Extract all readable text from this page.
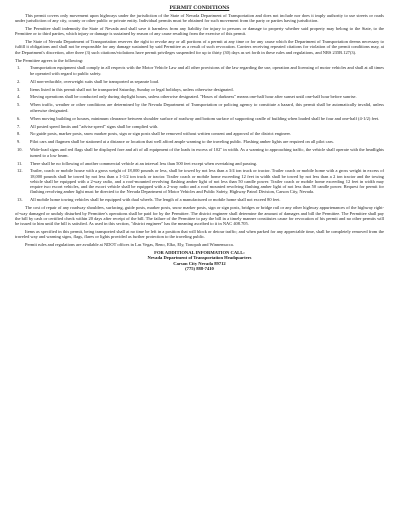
PERMIT CONDITIONS

This permit covers only movement upon highways under the jurisdiction of the State of Nevada Department of Transportation and does not include nor does it imply authority to use streets or roads under jurisdiction of any city, county or other public or private entity. Individual permits must be obtained for such movement from the party or parties having jurisdiction.

The Permittee shall indemnify the State of Nevada and shall save it harmless from any liability for injury to persons or damage to property whether said property may belong to the State, to the Permittee or to third parties, which injury or damage is sustained by reason of any cause resulting from the exercise of this permit.

The State of Nevada Department of Transportation reserves the right to revoke any or all portions of a permit at any time or for any cause which the Department of Transportation deems necessary to fulfill it obligations and shall not be responsible for any damage sustained by said Permittee as a result of such revocation. Carriers receiving repeated citations for violation of the permit conditions may, at the Department's discretion, after three (3) such citations/violations have permit privileges suspended for up to thirty (30) days as set forth in these rules and regulations, and NRS 235B.127(3).

The Permittee agrees to the following:

1. Transportation equipment shall comply in all respects with the Motor Vehicle Law and all other provisions of the law regarding the use, operation and licensing of motor vehicles and shall at all times be operated with regard to public safety.
2. All non-reducible, overweight suits shall be transported as separate load.
3. Items listed in this permit shall not be transported Saturday, Sunday or legal holidays, unless otherwise designated.
4. Moving operations shall be conducted only during daylight hours, unless otherwise designated. "Hours of darkness" means one-half hour after sunset until one-half hour before sunrise.
5. When traffic, weather or other conditions are determined by the Nevada Department of Transportation or policing agency to constitute a hazard, this permit shall be automatically invalid, unless otherwise designated.
6. When moving building or houses, minimum clearance between shoulder surface of roadway and bottom surface of supporting cradle of building when loaded shall be four and one-half (4-1/2) feet.
7. All posted speed limits and "advise speed" signs shall be complied with.
8. No guide posts, marker posts, snow marker posts, sign or sign posts shall be removed without written consent and approval of the district engineer.
9. Pilot cars and flagmen shall be stationed at a distance or location that well afford ample warning to the traveling public. Flashing amber lights are required on all pilot cars.
10. Wide-load signs and red flags shall be displayed fore and aft of all equipment of the loads in excess of 102" in width. As a warning to approaching traffic, the vehicle shall operate with the headlights turned to a low beam.
11. There shall be no following of another commercial vehicle at an interval less than 500 feet except when overtaking and passing.
12. Trailer, coach or mobile house with a gross weight of 18,000 pounds or less, shall be towed by not less than a 3/4 ton truck or tractor. Trailer coach or mobile home with a gross weight in excess of 18,000 pounds shall be towed by not less than a 1-1/2 ton truck or tractor. Trailer coach or mobile home exceeding 12 feet in width shall be towed by not less than a 2 ton tractor and the towing vehicle shall be equipped with a 2-way radio, and a roof-mounted revolving flashing amber light of not less than 50 candle power. Trailer coach or mobile home exceeding 12 feet in width may require two escort vehicles, and the escort vehicle shall be equipped with a 2-way radio and a roof mounted revolving flashing amber light of not less than 50 candle power. Request for permit for flashing revolving amber light must be directed to the Nevada Department of Motor Vehicles and Public Safety, Highway Patrol Division, Carson City, Nevada.
13. All mobile home towing vehicles shall be equipped with dual wheels. The length of a manufactured or mobile home shall not exceed 80 feet.

The cost of repair of any roadway shoulders, surfacing, guide posts, marker posts, snow marker posts, sign or sign posts, bridges or bridge rail or any other highway appurtenances of the highway right-of-way damaged or unduly disturbed by Permittee's operations shall be paid for by the Permittee. The district engineer shall determine the amount of damages and bill the Permittee. The Permittee shall pay the bill by cash or certified check within 20 days after receipt of the bill. The failure of the Permittee to pay the bill in a timely manner constitutes cause for revocation of his permit and no other permits will be issued to him until the bill is satisfied. As used in this section, "district engineer" has the meaning ascribed to it in NAC 408.705.

Items as specified in this permit, being transported shall at no time be left in a position that will block or detour traffic; and when parked for any appreciable time, shall be completely removed from the traveled way and warning signs, flags, flares or lights provided as further protection to the traveling public.

Permit rules and regulations are available at NDOT offices in Las Vegas, Reno, Elko, Ely, Tonopah and Winnemucca.

FOR ADDITIONAL INFORMATION CALL:
Nevada Department of Transportation Headquarters
Carson City Nevada 89712
(775) 888-7410
